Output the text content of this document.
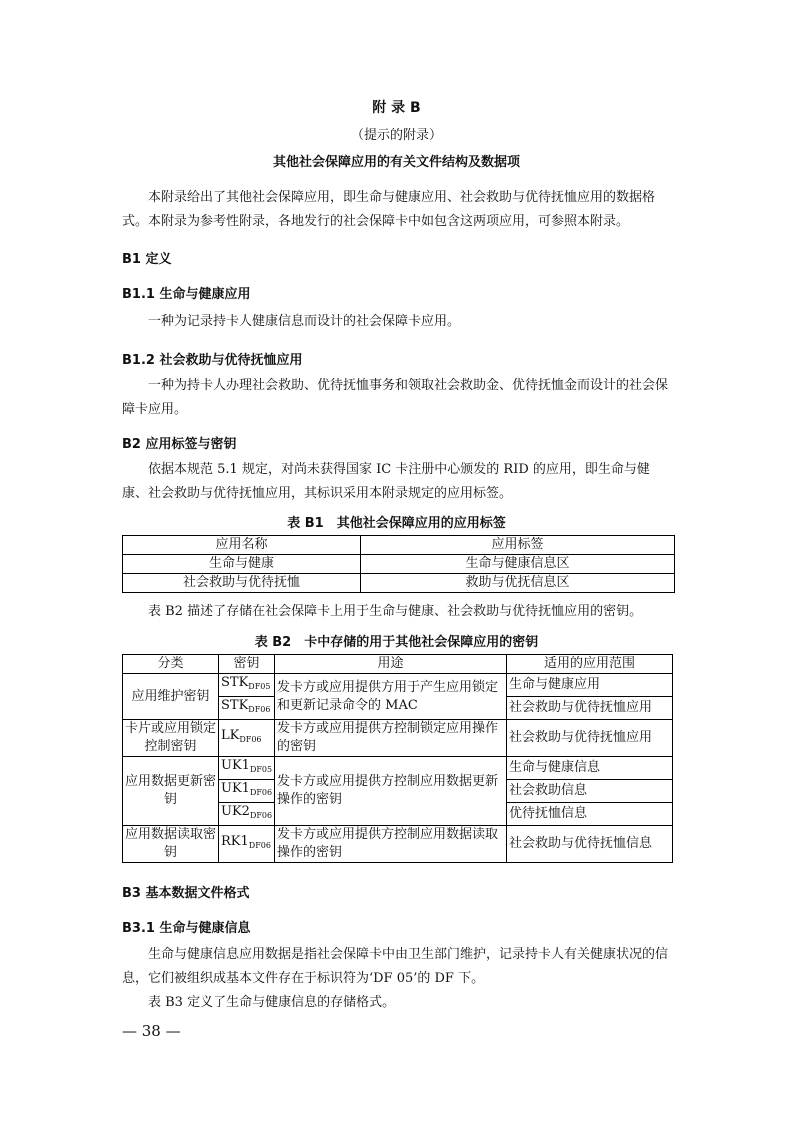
附 录 B
（提示的附录）
其他社会保障应用的有关文件结构及数据项
本附录给出了其他社会保障应用，即生命与健康应用、社会救助与优待抚恤应用的数据格式。本附录为参考性附录，各地发行的社会保障卡中如包含这两项应用，可参照本附录。
B1 定义
B1.1 生命与健康应用
一种为记录持卡人健康信息而设计的社会保障卡应用。
B1.2 社会救助与优待抚恤应用
一种为持卡人办理社会救助、优待抚恤事务和领取社会救助金、优待抚恤金而设计的社会保障卡应用。
B2 应用标签与密钥
依据本规范 5.1 规定，对尚未获得国家 IC 卡注册中心颁发的 RID 的应用，即生命与健康、社会救助与优待抚恤应用，其标识采用本附录规定的应用标签。
表 B1　其他社会保障应用的应用标签
应用名称	应用标签
生命与健康	生命与健康信息区
社会救助与优待抚恤	救助与优抚信息区
表 B2 描述了存储在社会保障卡上用于生命与健康、社会救助与优待抚恤应用的密钥。
表 B2　卡中存储的用于其他社会保障应用的密钥
分类	密钥	用途	适用的应用范围
应用维护密钥	$STK_{DF05}$	发卡方或应用提供方用于产生应用锁定和更新记录命令的 MAC	生命与健康应用
	$STK_{DF06}$		社会救助与优待抚恤应用
卡片或应用锁定控制密钥	$LK_{DF06}$	发卡方或应用提供方控制锁定应用操作的密钥	社会救助与优待抚恤应用
应用数据更新密钥	$UK1_{DF05}$	发卡方或应用提供方控制应用数据更新操作的密钥	生命与健康信息
	$UK1_{DF06}$		社会救助信息
	$UK2_{DF06}$		优待抚恤信息
应用数据读取密钥	$RK1_{DF06}$	发卡方或应用提供方控制应用数据读取操作的密钥	社会救助与优待抚恤信息
B3 基本数据文件格式
B3.1 生命与健康信息
生命与健康信息应用数据是指社会保障卡中由卫生部门维护，记录持卡人有关健康状况的信息，它们被组织成基本文件存在于标识符为‘DF 05’的 DF 下。
表 B3 定义了生命与健康信息的存储格式。
— 38 —
